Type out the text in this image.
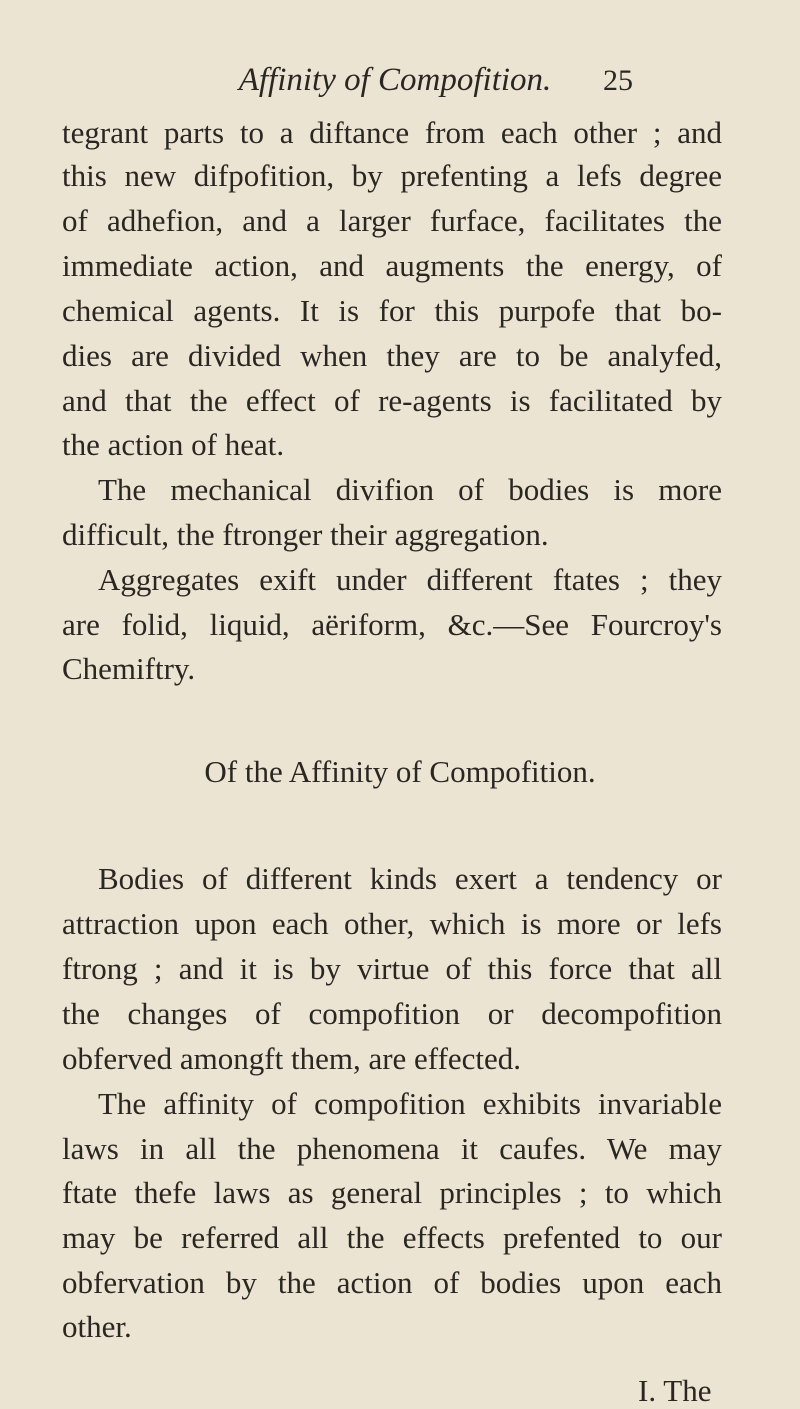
Affinity of Compofition.	25
tegrant parts to a diftance from each other ; and
this new difpofition, by prefenting a lefs degree
of adhefion, and a larger furface, facilitates the
immediate action, and augments the energy, of
chemical agents. It is for this purpofe that bo-
dies are divided when they are to be analyfed,
and that the effect of re-agents is facilitated by
the action of heat.
The mechanical divifion of bodies is more
difficult, the ftronger their aggregation.
Aggregates exift under different ftates ; they
are folid, liquid, aëriform, &c.—See Fourcroy's
Chemiftry.
Of the Affinity of Compofition.
Bodies of different kinds exert a tendency or
attraction upon each other, which is more or lefs
ftrong ; and it is by virtue of this force that all
the changes of compofition or decompofition
obferved amongft them, are effected.
The affinity of compofition exhibits invariable
laws in all the phenomena it caufes. We may
ftate thefe laws as general principles ; to which
may be referred all the effects prefented to our
obfervation by the action of bodies upon each
other.
I. The
